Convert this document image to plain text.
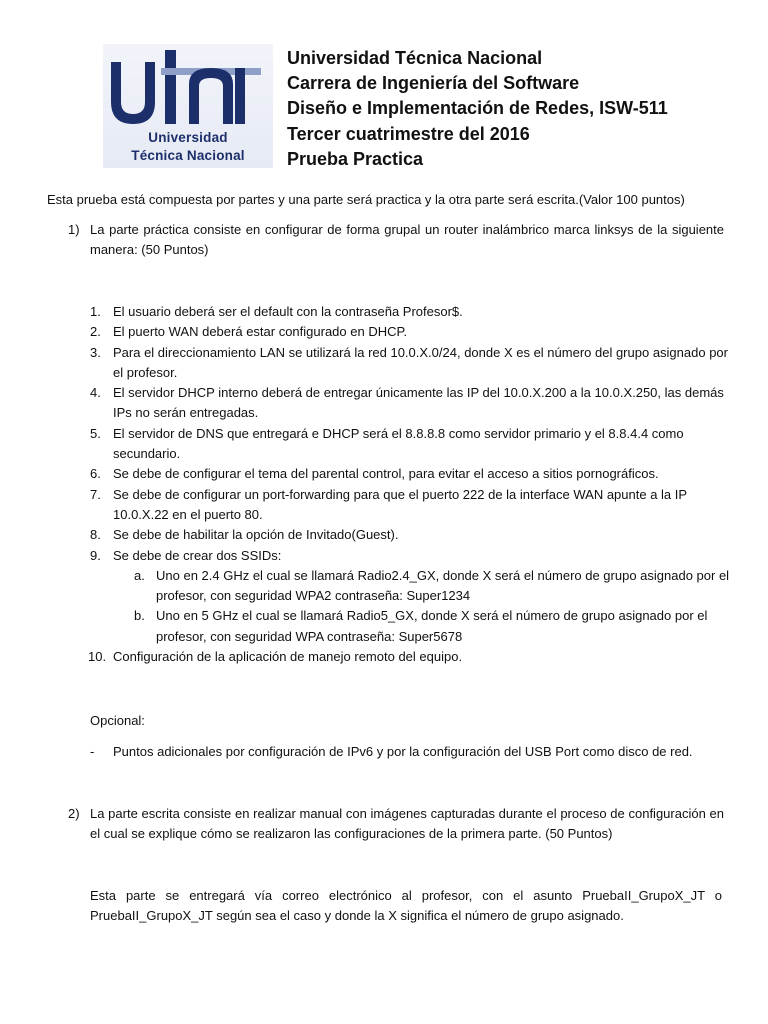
Universidad
Técnica Nacional
Universidad Técnica Nacional
Carrera de Ingeniería del Software
Diseño e Implementación de Redes, ISW-511
Tercer cuatrimestre del 2016
Prueba Practica
Esta prueba está compuesta por partes y una parte será practica y la otra parte será escrita.(Valor 100 puntos)
1) La parte práctica consiste en configurar de forma grupal un router inalámbrico marca linksys de la siguiente manera: (50 Puntos)
1. El usuario deberá ser el default con la contraseña Profesor$.
2. El puerto WAN deberá estar configurado en DHCP.
3. Para el direccionamiento LAN se utilizará la red 10.0.X.0/24, donde X es el número del grupo asignado por el profesor.
4. El servidor DHCP interno deberá de entregar únicamente las IP del 10.0.X.200 a la 10.0.X.250, las demás IPs no serán entregadas.
5. El servidor de DNS que entregará e DHCP será el 8.8.8.8 como servidor primario y el 8.8.4.4 como secundario.
6. Se debe de configurar el tema del parental control, para evitar el acceso a sitios pornográficos.
7. Se debe de configurar un port-forwarding para que el puerto 222 de la interface WAN apunte a la IP 10.0.X.22 en el puerto 80.
8. Se debe de habilitar la opción de Invitado(Guest).
9. Se debe de crear dos SSIDs:
a. Uno en 2.4 GHz el cual se llamará Radio2.4_GX, donde X será el número de grupo asignado por el profesor, con seguridad WPA2 contraseña: Super1234
b. Uno en 5 GHz el cual se llamará Radio5_GX, donde X será el número de grupo asignado por el profesor, con seguridad WPA contraseña: Super5678
10. Configuración de la aplicación de manejo remoto del equipo.
Opcional:
- Puntos adicionales por configuración de IPv6 y por la configuración del USB Port como disco de red.
2) La parte escrita consiste en realizar manual con imágenes capturadas durante el proceso de configuración en el cual se explique cómo se realizaron las configuraciones de la primera parte. (50 Puntos)
Esta parte se entregará vía correo electrónico al profesor, con el asunto PruebaII_GrupoX_JT o PruebaII_GrupoX_JT según sea el caso y donde la X significa el número de grupo asignado.
